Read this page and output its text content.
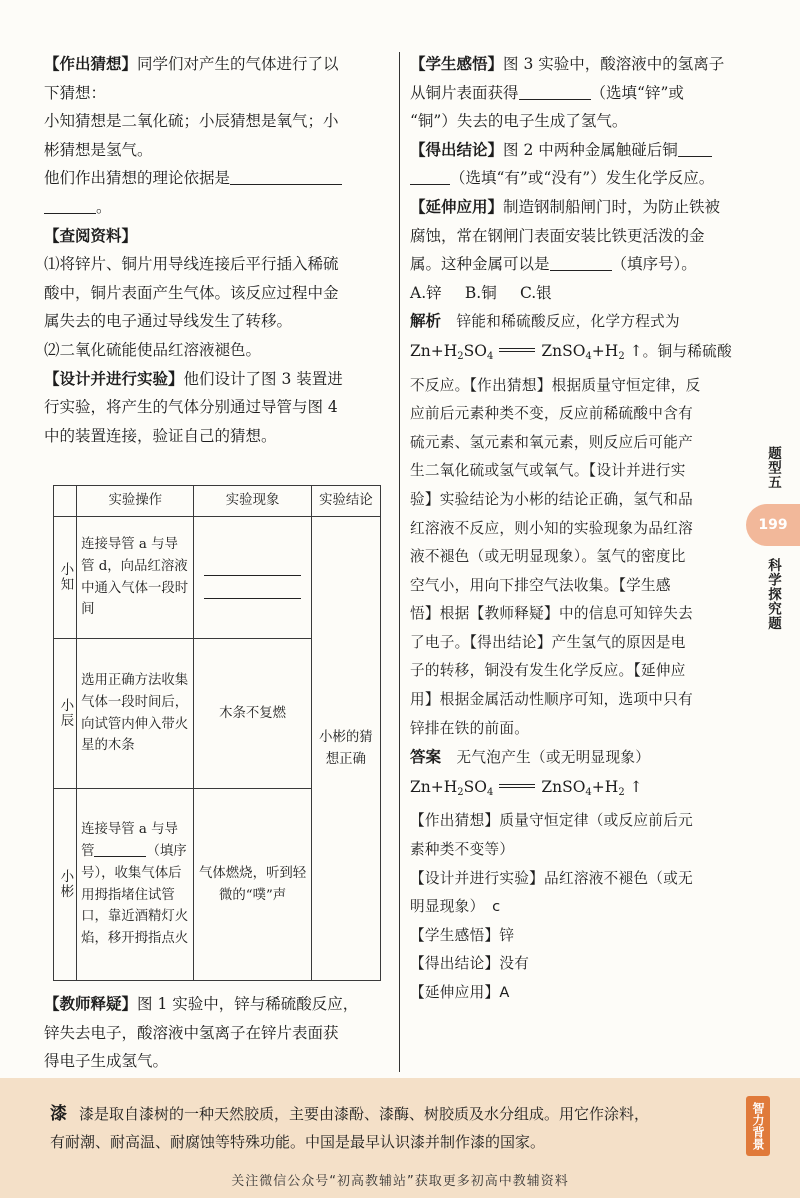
【作出猜想】同学们对产生的气体进行了以
下猜想：
小知猜想是二氧化硫；小辰猜想是氧气；小
彬猜想是氢气。
他们作出猜想的理论依据是
。
【查阅资料】
⑴将锌片、铜片用导线连接后平行插入稀硫
酸中，铜片表面产生气体。该反应过程中金
属失去的电子通过导线发生了转移。
⑵二氧化硫能使品红溶液褪色。
【设计并进行实验】他们设计了图 3 装置进
行实验，将产生的气体分别通过导管与图 4
中的装置连接，验证自己的猜想。
	实验操作	实验现象	实验结论
小知	连接导管 a 与导管 d，向品红溶液中通入气体一段时间		小彬的猜想正确
小辰	选用正确方法收集气体一段时间后，向试管内伸入带火星的木条	木条不复燃	
小彬	连接导管 a 与导管 （填序号），收集气体后用拇指堵住试管口，靠近酒精灯火焰，移开拇指点火	气体燃烧，听到轻微的“噗”声	
【教师释疑】图 1 实验中，锌与稀硫酸反应，
锌失去电子，酸溶液中氢离子在锌片表面获
得电子生成氢气。
【学生感悟】图 3 实验中，酸溶液中的氢离子
从铜片表面获得	（选填“锌”或
“铜”）失去的电子生成了氢气。
【得出结论】图 2 中两种金属触碰后铜
（选填“有”或“没有”）发生化学反应。
【延伸应用】制造钢制船闸门时，为防止铁被
腐蚀，常在钢闸门表面安装比铁更活泼的金
属。这种金属可以是	（填序号）。
A.锌   B.铜   C.银
解析   锌能和稀硫酸反应，化学方程式为
$Zn+H_2SO_4$	$ZnSO_4+H_2$ ↑。铜与稀硫酸
不反应。【作出猜想】根据质量守恒定律，反
应前后元素种类不变，反应前稀硫酸中含有
硫元素、氢元素和氧元素，则反应后可能产
生二氧化硫或氢气或氧气。【设计并进行实
验】实验结论为小彬的结论正确，氢气和品
红溶液不反应，则小知的实验现象为品红溶
液不褪色（或无明显现象）。氢气的密度比
空气小，用向下排空气法收集。【学生感
悟】根据【教师释疑】中的信息可知锌失去
了电子。【得出结论】产生氢气的原因是电
子的转移，铜没有发生化学反应。【延伸应
用】根据金属活动性顺序可知，选项中只有
锌排在铁的前面。
答案   无气泡产生（或无明显现象）
$Zn+H_2SO_4$	$ZnSO_4+H_2$ ↑
【作出猜想】质量守恒定律（或反应前后元
素种类不变等）
【设计并进行实验】品红溶液不褪色（或无
明显现象）　c
【学生感悟】锌
【得出结论】没有
【延伸应用】A
题型五
199
科学探究题
漆 漆是取自漆树的一种天然胶质，主要由漆酚、漆酶、树胶质及水分组成。用它作涂料，
有耐潮、耐高温、耐腐蚀等特殊功能。中国是最早认识漆并制作漆的国家。	智力背景
关注微信公众号“初高教辅站”获取更多初高中教辅资料
